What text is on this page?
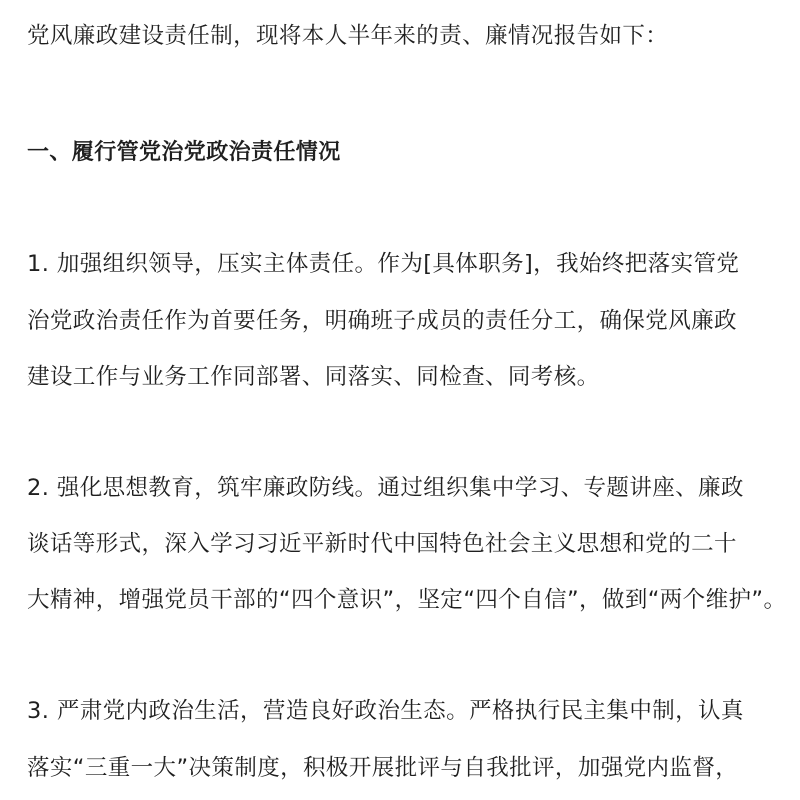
党风廉政建设责任制，现将本人半年来的责、廉情况报告如下：
一、履行管党治党政治责任情况
1. 加强组织领导，压实主体责任。作为[具体职务]，我始终把落实管党
治党政治责任作为首要任务，明确班子成员的责任分工，确保党风廉政
建设工作与业务工作同部署、同落实、同检查、同考核。
2. 强化思想教育，筑牢廉政防线。通过组织集中学习、专题讲座、廉政
谈话等形式，深入学习习近平新时代中国特色社会主义思想和党的二十
大精神，增强党员干部的“四个意识”，坚定“四个自信”，做到“两个维护”。
3. 严肃党内政治生活，营造良好政治生态。严格执行民主集中制，认真
落实“三重一大”决策制度，积极开展批评与自我批评，加强党内监督，
